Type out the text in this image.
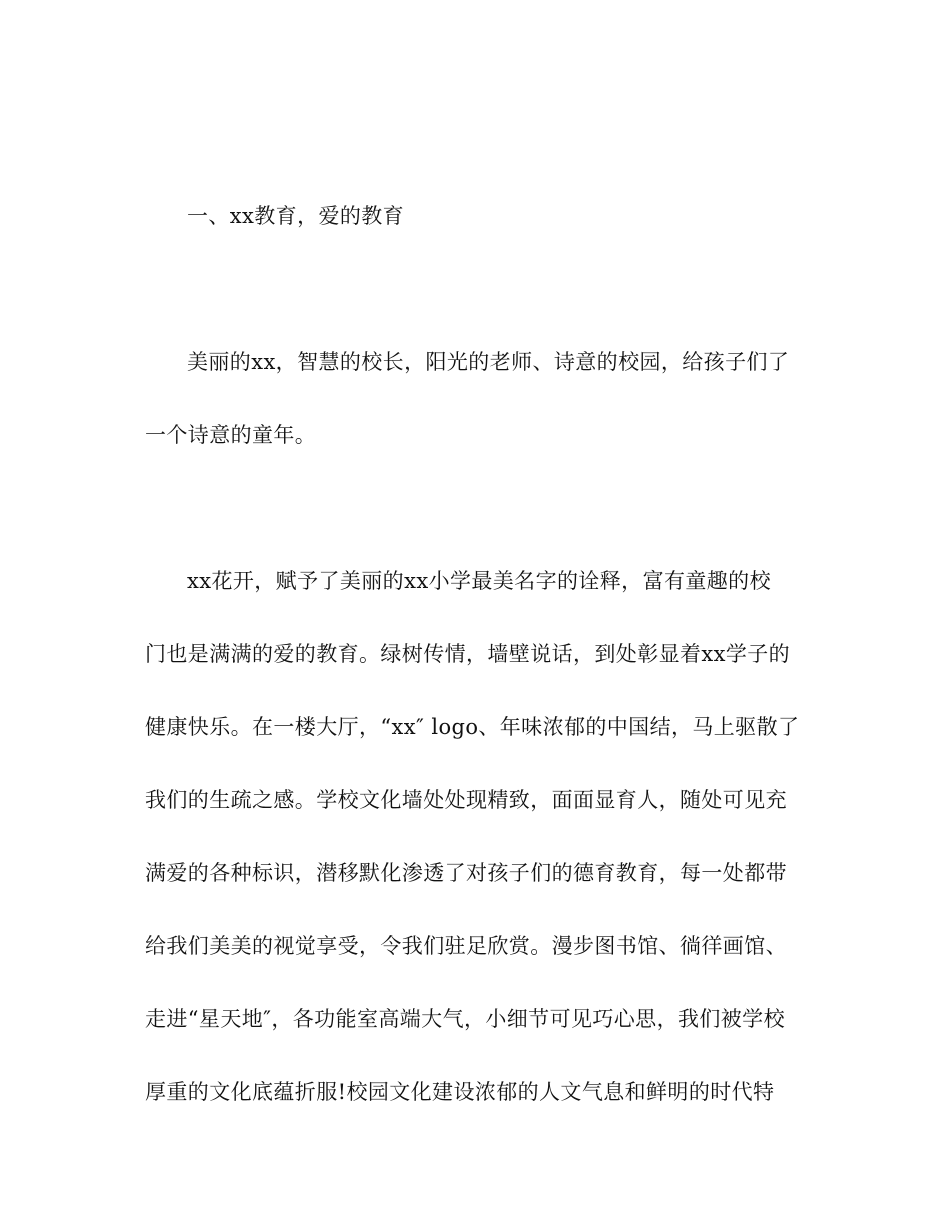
一、xx教育，爱的教育
美丽的xx，智慧的校长，阳光的老师、诗意的校园，给孩子们了
一个诗意的童年。
xx花开，赋予了美丽的xx小学最美名字的诠释，富有童趣的校
门也是满满的爱的教育。绿树传情，墙壁说话，到处彰显着xx学子的
健康快乐。在一楼大厅，“xx″ logo、年味浓郁的中国结，马上驱散了
我们的生疏之感。学校文化墙处处现精致，面面显育人，随处可见充
满爱的各种标识，潜移默化渗透了对孩子们的德育教育，每一处都带
给我们美美的视觉享受，令我们驻足欣赏。漫步图书馆、徜徉画馆、
走进“星天地″，各功能室高端大气，小细节可见巧心思，我们被学校
厚重的文化底蕴折服!校园文化建设浓郁的人文气息和鲜明的时代特
